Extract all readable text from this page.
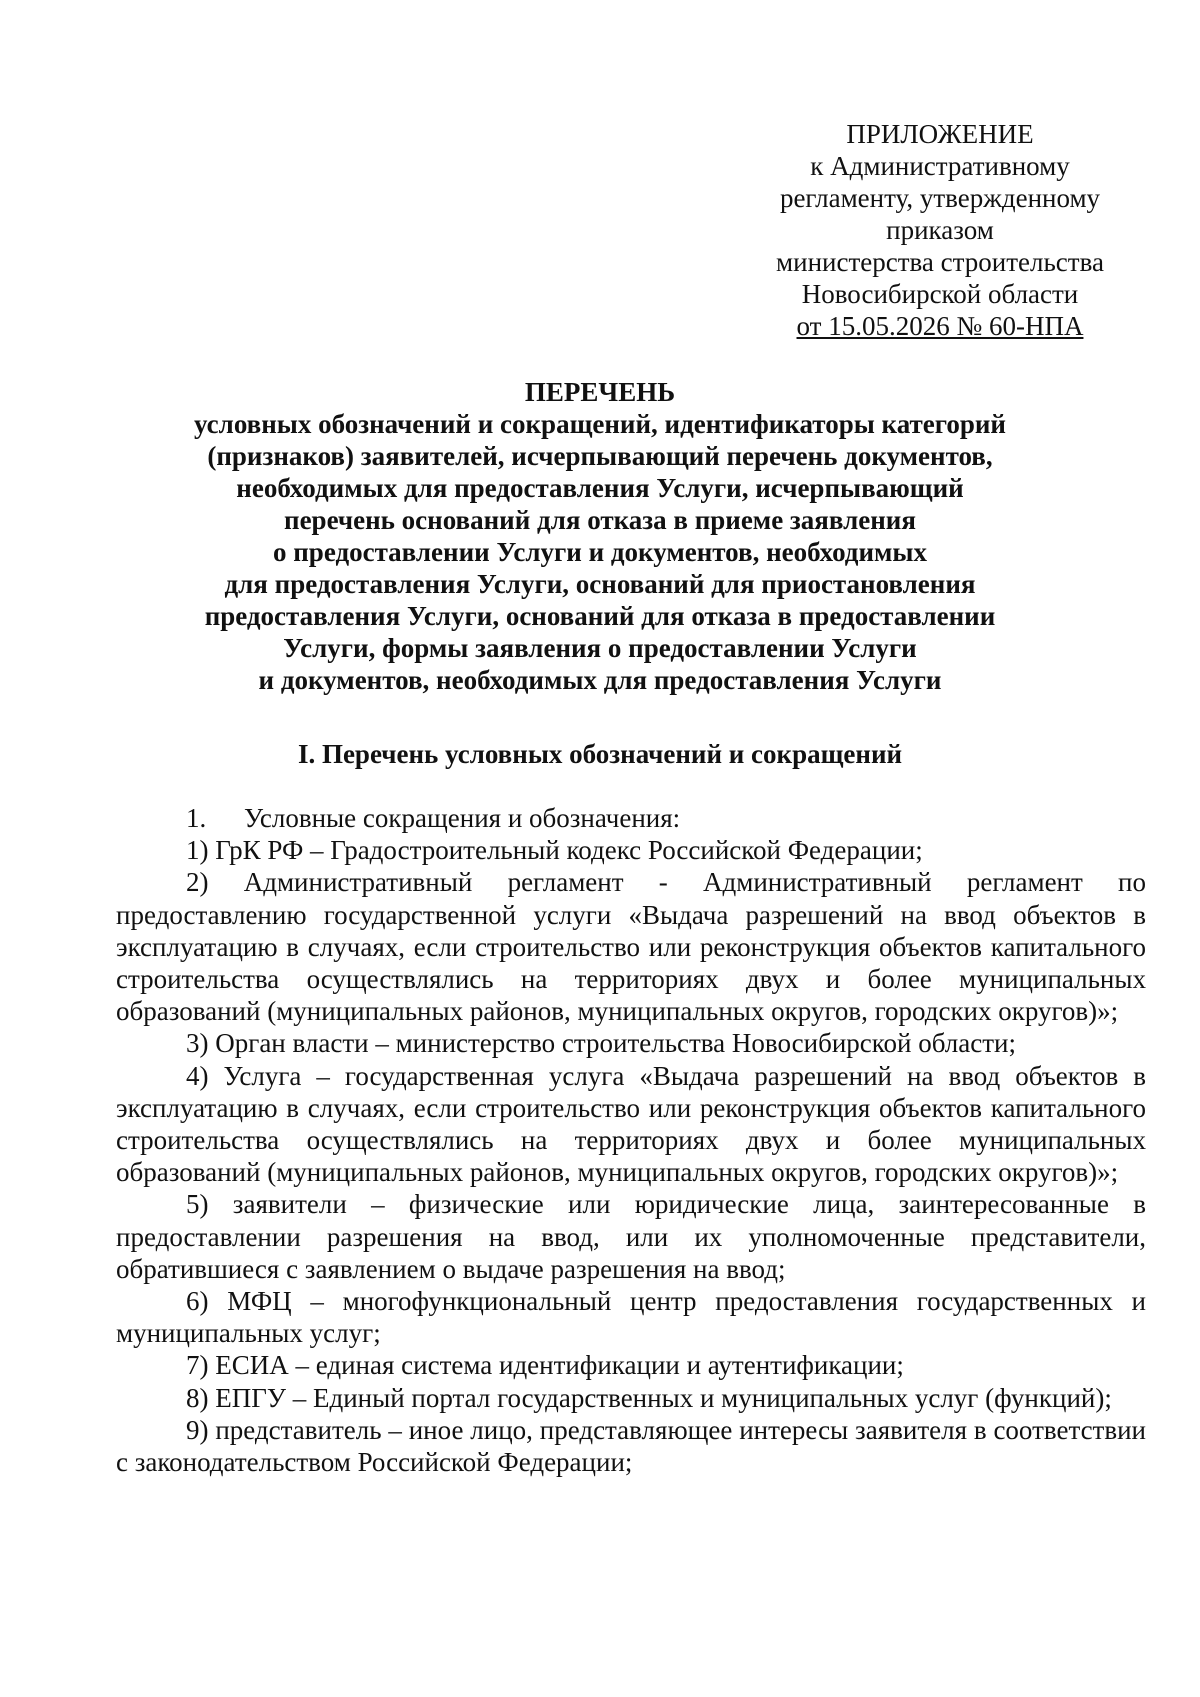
ПРИЛОЖЕНИЕ
к Административному
регламенту, утвержденному
приказом
министерства строительства
Новосибирской области
от 15.05.2026 № 60-НПА
ПЕРЕЧЕНЬ
условных обозначений и сокращений, идентификаторы категорий
(признаков) заявителей, исчерпывающий перечень документов,
необходимых для предоставления Услуги, исчерпывающий
перечень оснований для отказа в приеме заявления
о предоставлении Услуги и документов, необходимых
для предоставления Услуги, оснований для приостановления
предоставления Услуги, оснований для отказа в предоставлении
Услуги, формы заявления о предоставлении Услуги
и документов, необходимых для предоставления Услуги
I. Перечень условных обозначений и сокращений

1. Условные сокращения и обозначения:

1) ГрК РФ – Градостроительный кодекс Российской Федерации;

2) Административный регламент - Административный регламент по предоставлению государственной услуги «Выдача разрешений на ввод объектов в эксплуатацию в случаях, если строительство или реконструкция объектов капитального строительства осуществлялись на территориях двух и более муниципальных образований (муниципальных районов, муниципальных округов, городских округов)»;

3) Орган власти – министерство строительства Новосибирской области;

4) Услуга – государственная услуга «Выдача разрешений на ввод объектов в эксплуатацию в случаях, если строительство или реконструкция объектов капитального строительства осуществлялись на территориях двух и более муниципальных образований (муниципальных районов, муниципальных округов, городских округов)»;

5) заявители – физические или юридические лица, заинтересованные в предоставлении разрешения на ввод, или их уполномоченные представители, обратившиеся с заявлением о выдаче разрешения на ввод;

6) МФЦ – многофункциональный центр предоставления государственных и муниципальных услуг;

7) ЕСИА – единая система идентификации и аутентификации;

8) ЕПГУ – Единый портал государственных и муниципальных услуг (функций);

9) представитель – иное лицо, представляющее интересы заявителя в соответствии с законодательством Российской Федерации;
